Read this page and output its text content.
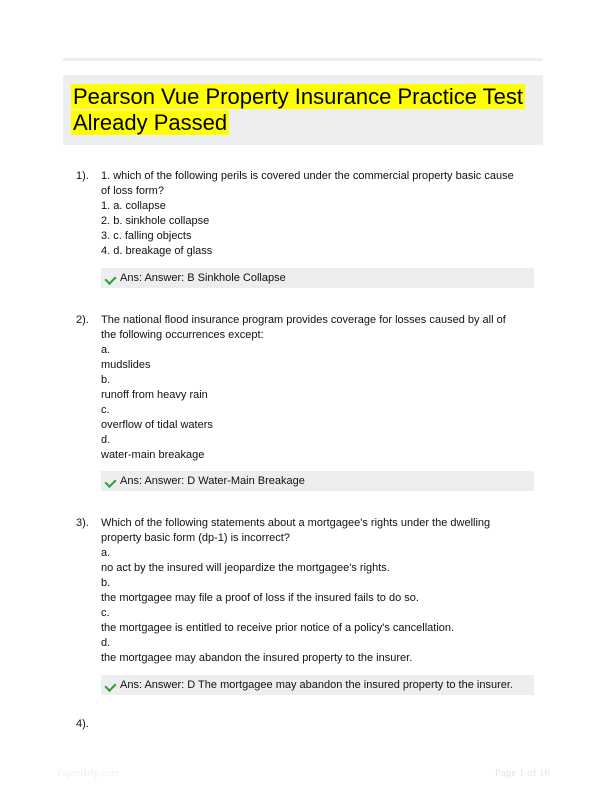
Pearson Vue Property Insurance Practice Test Already Passed
1). 1. which of the following perils is covered under the commercial property basic cause of loss form?
1. a. collapse
2. b. sinkhole collapse
3. c. falling objects
4. d. breakage of glass
Ans: Answer: B Sinkhole Collapse
2). The national flood insurance program provides coverage for losses caused by all of the following occurrences except:
a.
mudslides
b.
runoff from heavy rain
c.
overflow of tidal waters
d.
water-main breakage
Ans: Answer: D Water-Main Breakage
3). Which of the following statements about a mortgagee's rights under the dwelling property basic form (dp-1) is incorrect?
a.
no act by the insured will jeopardize the mortgagee's rights.
b.
the mortgagee may file a proof of loss if the insured fails to do so.
c.
the mortgagee is entitled to receive prior notice of a policy's cancellation.
d.
the mortgagee may abandon the insured property to the insurer.
Ans: Answer: D The mortgagee may abandon the insured property to the insurer.
4).
PaperHelp.com	Page 1 of 16
